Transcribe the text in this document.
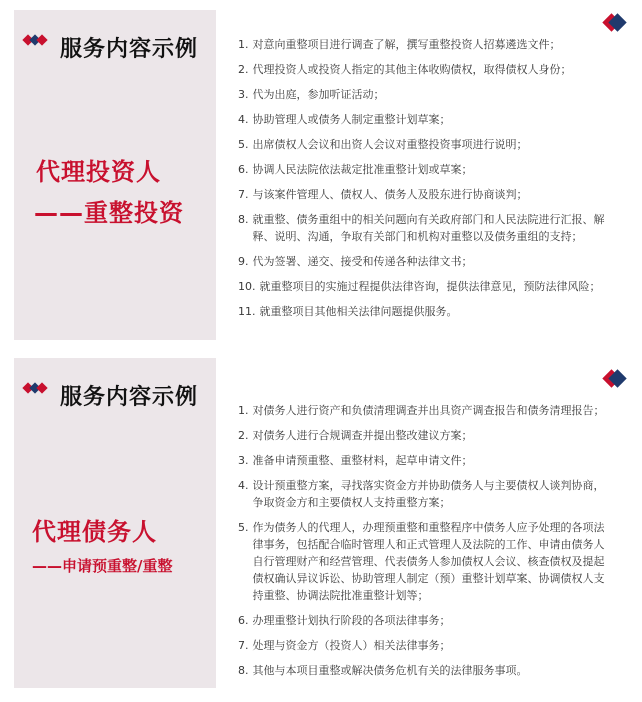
服务内容示例
代理投资人
——重整投资
1. 对意向重整项目进行调查了解，撰写重整投资人招募遴选文件；
2. 代理投资人或投资人指定的其他主体收购债权，取得债权人身份；
3. 代为出庭，参加听证活动；
4. 协助管理人或债务人制定重整计划草案；
5. 出席债权人会议和出资人会议对重整投资事项进行说明；
6. 协调人民法院依法裁定批准重整计划或草案；
7. 与该案件管理人、债权人、债务人及股东进行协商谈判；
8. 就重整、债务重组中的相关问题向有关政府部门和人民法院进行汇报、解释、说明、沟通，争取有关部门和机构对重整以及债务重组的支持；
9. 代为签署、递交、接受和传递各种法律文书；
10. 就重整项目的实施过程提供法律咨询，提供法律意见，预防法律风险；
11. 就重整项目其他相关法律问题提供服务。
服务内容示例
代理债务人
——申请预重整/重整
1. 对债务人进行资产和负债清理调查并出具资产调查报告和债务清理报告；
2. 对债务人进行合规调查并提出整改建议方案；
3. 准备申请预重整、重整材料，起草申请文件；
4. 设计预重整方案，寻找落实资金方并协助债务人与主要债权人谈判协商，争取资金方和主要债权人支持重整方案；
5. 作为债务人的代理人，办理预重整和重整程序中债务人应予处理的各项法律事务，包括配合临时管理人和正式管理人及法院的工作、申请由债务人自行管理财产和经营管理、代表债务人参加债权人会议、核查债权及提起债权确认异议诉讼、协助管理人制定（预）重整计划草案、协调债权人支持重整、协调法院批准重整计划等；
6. 办理重整计划执行阶段的各项法律事务；
7. 处理与资金方（投资人）相关法律事务；
8. 其他与本项目重整或解决债务危机有关的法律服务事项。
